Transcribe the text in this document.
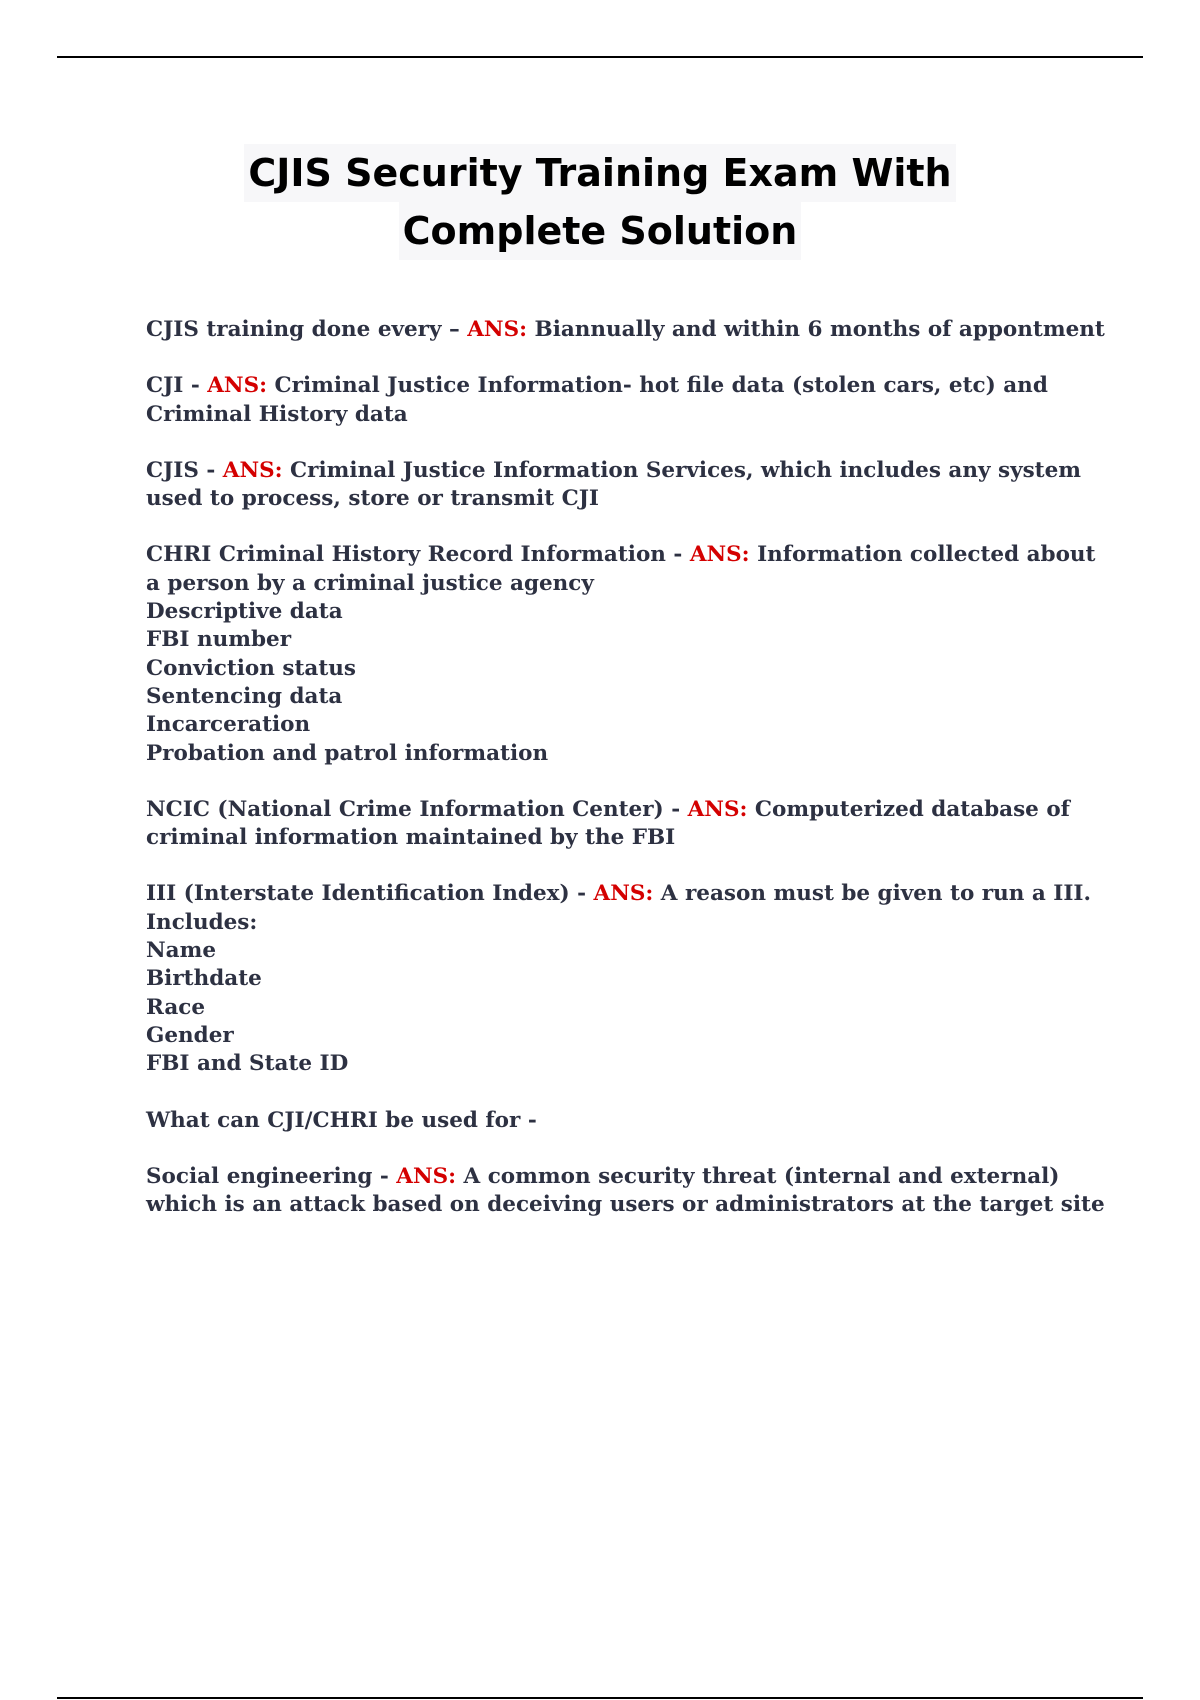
CJIS Security Training Exam With
Complete Solution
CJIS training done every – ANS: Biannually and within 6 months of appontment
CJI - ANS: Criminal Justice Information- hot file data (stolen cars, etc) and Criminal History data
CJIS - ANS: Criminal Justice Information Services, which includes any system used to process, store or transmit CJI
CHRI Criminal History Record Information - ANS: Information collected about a person by a criminal justice agency
Descriptive data
FBI number
Conviction status
Sentencing data
Incarceration
Probation and patrol information
NCIC (National Crime Information Center) - ANS: Computerized database of criminal information maintained by the FBI
III (Interstate Identification Index) - ANS: A reason must be given to run a III.
Includes:
Name
Birthdate
Race
Gender
FBI and State ID
What can CJI/CHRI be used for -
Social engineering - ANS: A common security threat (internal and external) which is an attack based on deceiving users or administrators at the target site
